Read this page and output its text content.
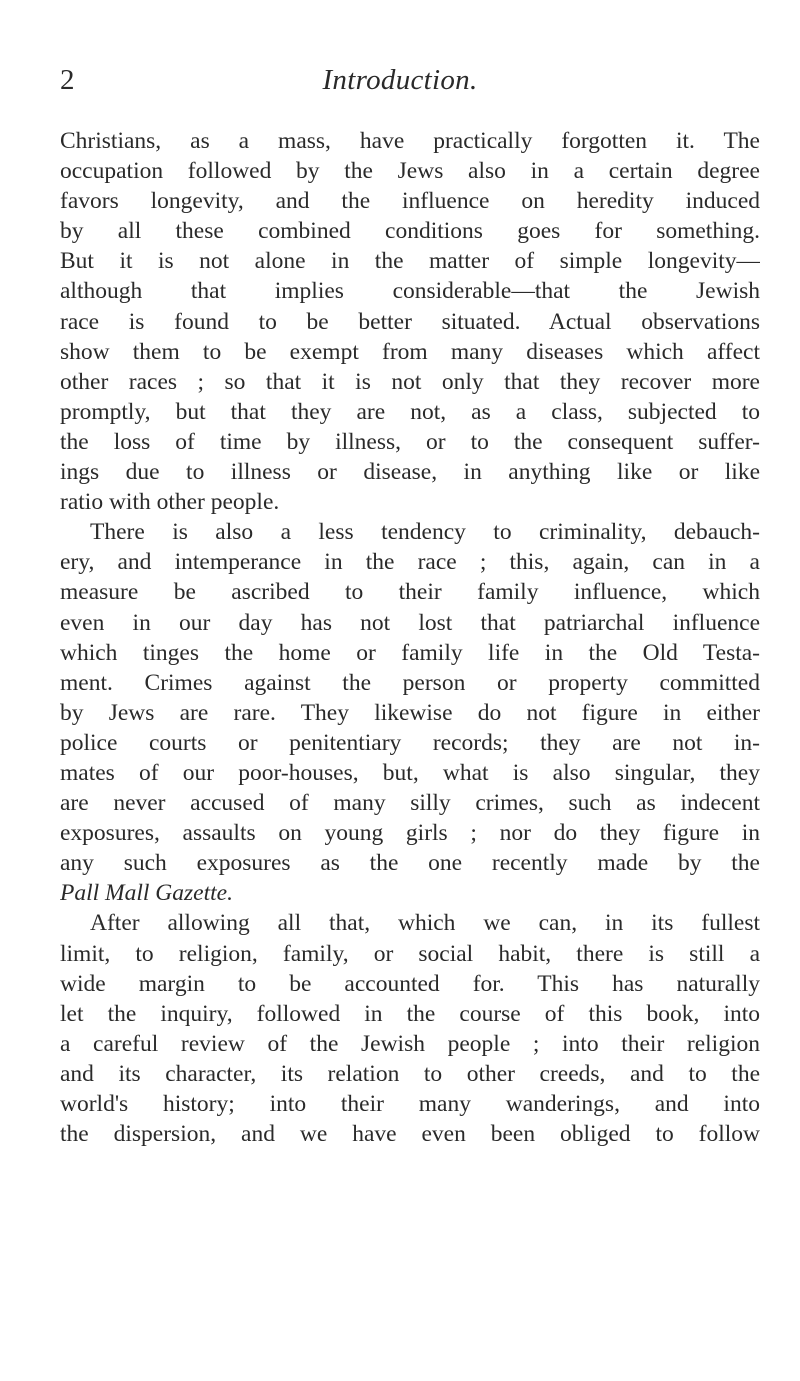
2	Introduction.
Christians, as a mass, have practically forgotten it. The
occupation followed by the Jews also in a certain degree
favors longevity, and the influence on heredity induced
by all these combined conditions goes for something.
But it is not alone in the matter of simple longevity—
although that implies considerable—that the Jewish
race is found to be better situated. Actual observations
show them to be exempt from many diseases which affect
other races ; so that it is not only that they recover more
promptly, but that they are not, as a class, subjected to
the loss of time by illness, or to the consequent suffer-
ings due to illness or disease, in anything like or like
ratio with other people.
There is also a less tendency to criminality, debauch-
ery, and intemperance in the race ; this, again, can in a
measure be ascribed to their family influence, which
even in our day has not lost that patriarchal influence
which tinges the home or family life in the Old Testa-
ment. Crimes against the person or property committed
by Jews are rare. They likewise do not figure in either
police courts or penitentiary records; they are not in-
mates of our poor-houses, but, what is also singular, they
are never accused of many silly crimes, such as indecent
exposures, assaults on young girls ; nor do they figure in
any such exposures as the one recently made by the
Pall Mall Gazette.
After allowing all that, which we can, in its fullest
limit, to religion, family, or social habit, there is still a
wide margin to be accounted for. This has naturally
let the inquiry, followed in the course of this book, into
a careful review of the Jewish people ; into their religion
and its character, its relation to other creeds, and to the
world's history; into their many wanderings, and into
the dispersion, and we have even been obliged to follow
